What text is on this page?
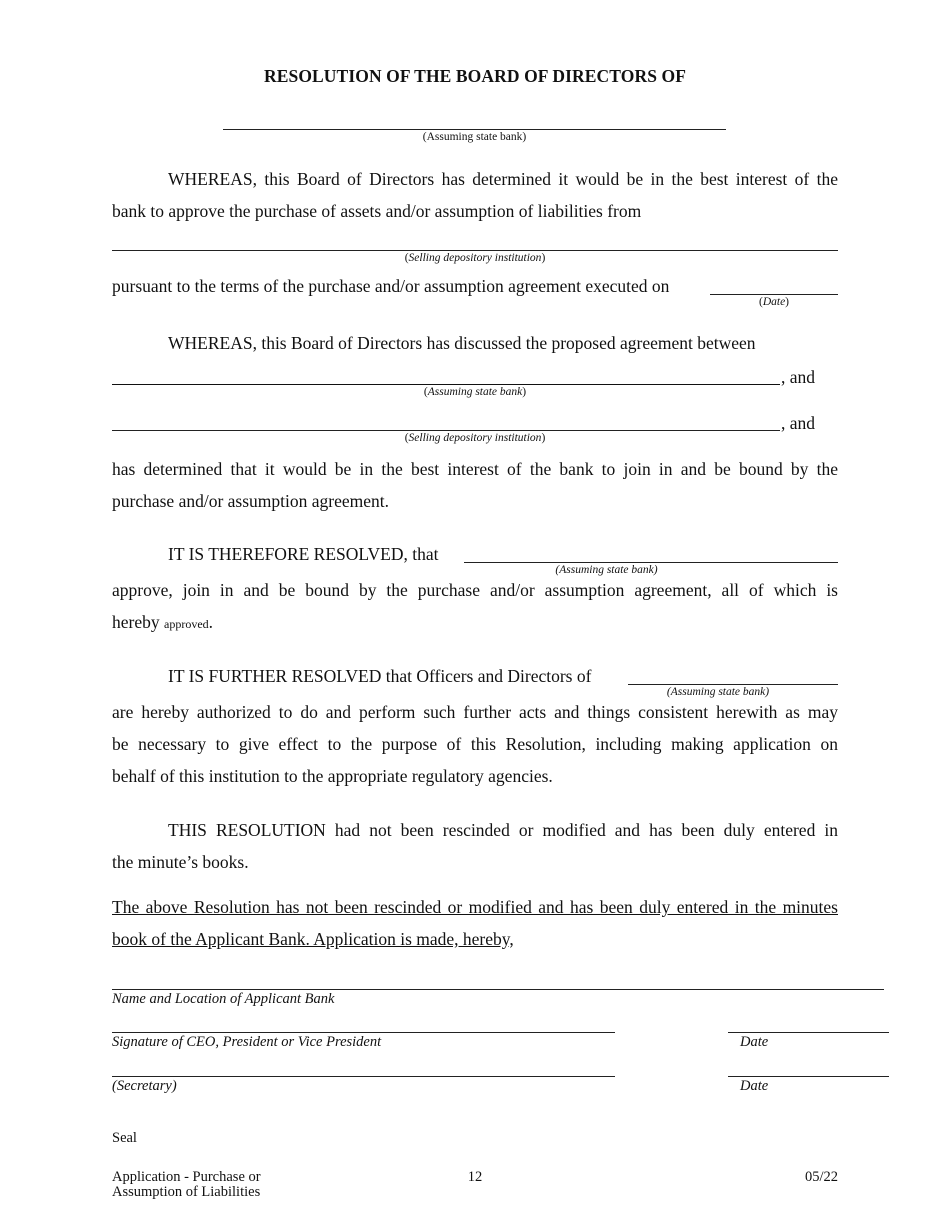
RESOLUTION OF THE BOARD OF DIRECTORS OF
(Assuming state bank)
WHEREAS, this Board of Directors has determined it would be in the best interest of the
bank to approve the purchase of assets and/or assumption of liabilities from
(Selling depository institution)
pursuant to the terms of the purchase and/or assumption agreement executed on
(Date)
WHEREAS, this Board of Directors has discussed the proposed agreement between
, and
(Assuming state bank)
, and
(Selling depository institution)
has determined that it would be in the best interest of the bank to join in and be bound by the
purchase and/or assumption agreement.
IT IS THEREFORE RESOLVED, that
(Assuming state bank)
approve, join in and be bound by the purchase and/or assumption agreement, all of which is
hereby approved.
IT IS FURTHER RESOLVED that Officers and Directors of
(Assuming state bank)
are hereby authorized to do and perform such further acts and things consistent herewith as may
be necessary to give effect to the purpose of this Resolution, including making application on
behalf of this institution to the appropriate regulatory agencies.
THIS RESOLUTION had not been rescinded or modified and has been duly entered in
the minute’s books.
The above Resolution has not been rescinded or modified and has been duly entered in the minutes
book of the Applicant Bank. Application is made, hereby,
Name and Location of Applicant Bank
Signature of CEO, President or Vice President	Date
(Secretary)	Date
Seal
Application - Purchase or
Assumption of Liabilities
12	05/22
